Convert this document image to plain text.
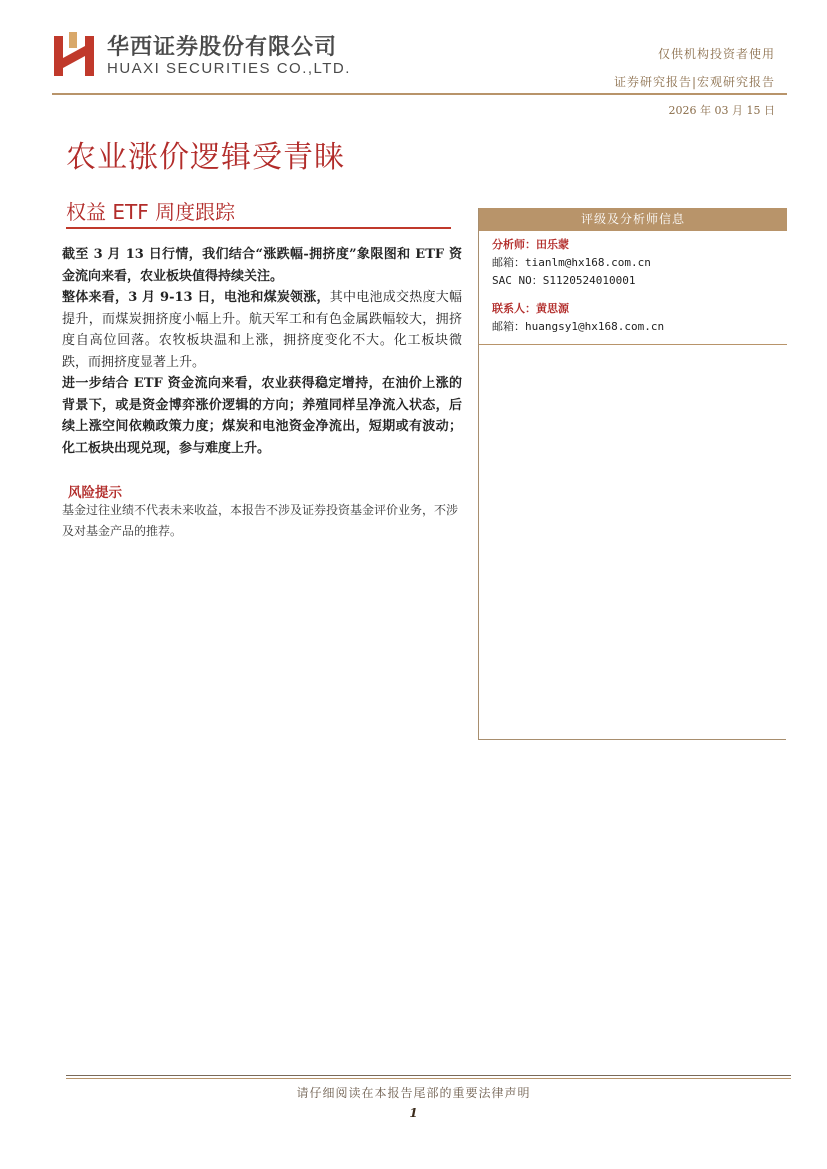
华西证券股份有限公司
HUAXI SECURITIES CO.,LTD.
仅供机构投资者使用
证券研究报告|宏观研究报告
2026 年 03 月 15 日
农业涨价逻辑受青睐
权益 ETF 周度跟踪

截至 3 月 13 日行情，我们结合“涨跌幅-拥挤度”象限图和 ETF 资金流向来看，农业板块值得持续关注。

整体来看，3 月 9-13 日，电池和煤炭领涨，其中电池成交热度大幅提升，而煤炭拥挤度小幅上升。航天军工和有色金属跌幅较大，拥挤度自高位回落。农牧板块温和上涨，拥挤度变化不大。化工板块微跌，而拥挤度显著上升。

进一步结合 ETF 资金流向来看，农业获得稳定增持，在油价上涨的背景下，或是资金博弈涨价逻辑的方向；养殖同样呈净流入状态，后续上涨空间依赖政策力度；煤炭和电池资金净流出，短期或有波动；化工板块出现兑现，参与难度上升。

风险提示
基金过往业绩不代表未来收益，本报告不涉及证券投资基金评价业务，不涉及对基金产品的推荐。
评级及分析师信息
分析师：田乐蒙
邮箱：tianlm@hx168.com.cn
SAC NO：S1120524010001
联系人：黄思源
邮箱：huangsy1@hx168.com.cn
请仔细阅读在本报告尾部的重要法律声明
1
